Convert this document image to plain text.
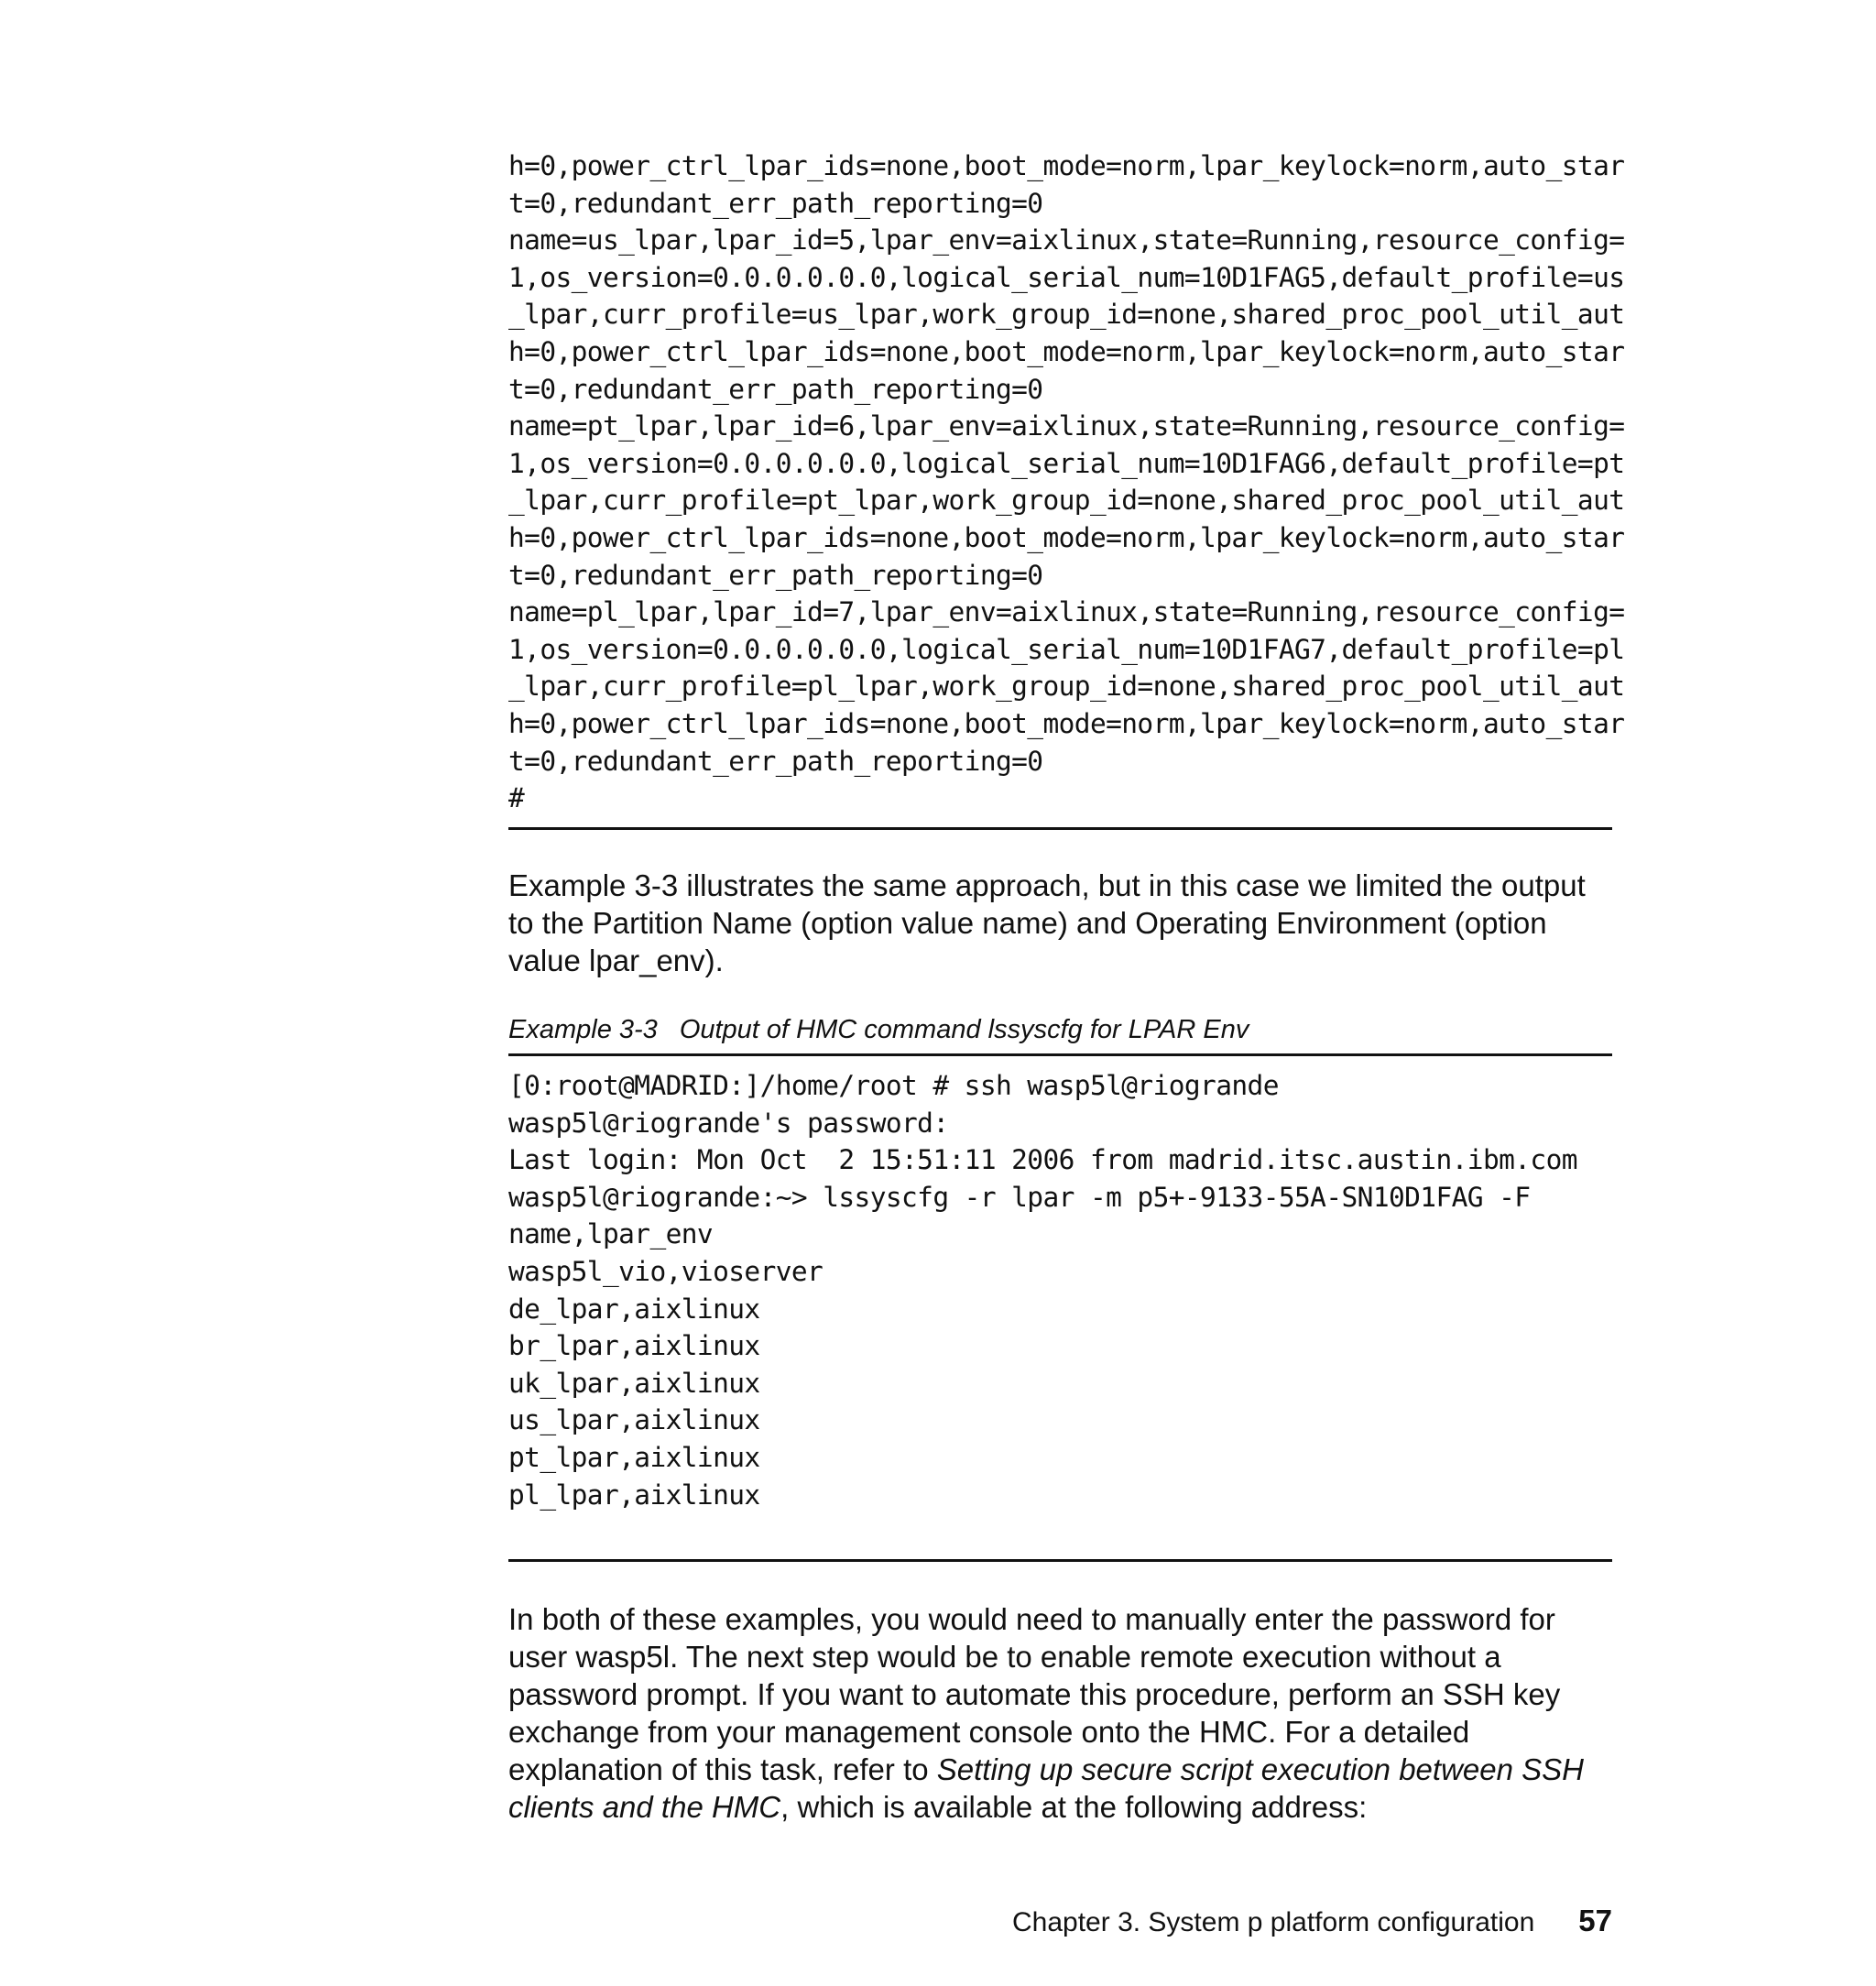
h=0,power_ctrl_lpar_ids=none,boot_mode=norm,lpar_keylock=norm,auto_star
t=0,redundant_err_path_reporting=0
name=us_lpar,lpar_id=5,lpar_env=aixlinux,state=Running,resource_config=
1,os_version=0.0.0.0.0.0,logical_serial_num=10D1FAG5,default_profile=us
_lpar,curr_profile=us_lpar,work_group_id=none,shared_proc_pool_util_aut
h=0,power_ctrl_lpar_ids=none,boot_mode=norm,lpar_keylock=norm,auto_star
t=0,redundant_err_path_reporting=0
name=pt_lpar,lpar_id=6,lpar_env=aixlinux,state=Running,resource_config=
1,os_version=0.0.0.0.0.0,logical_serial_num=10D1FAG6,default_profile=pt
_lpar,curr_profile=pt_lpar,work_group_id=none,shared_proc_pool_util_aut
h=0,power_ctrl_lpar_ids=none,boot_mode=norm,lpar_keylock=norm,auto_star
t=0,redundant_err_path_reporting=0
name=pl_lpar,lpar_id=7,lpar_env=aixlinux,state=Running,resource_config=
1,os_version=0.0.0.0.0.0,logical_serial_num=10D1FAG7,default_profile=pl
_lpar,curr_profile=pl_lpar,work_group_id=none,shared_proc_pool_util_aut
h=0,power_ctrl_lpar_ids=none,boot_mode=norm,lpar_keylock=norm,auto_star
t=0,redundant_err_path_reporting=0
#

Example 3-3 illustrates the same approach, but in this case we limited the output to the Partition Name (option value name) and Operating Environment (option value lpar_env).

Example 3-3 Output of HMC command lssyscfg for LPAR Env

[0:root@MADRID:]/home/root # ssh wasp5l@riogrande
wasp5l@riogrande's password:
Last login: Mon Oct  2 15:51:11 2006 from madrid.itsc.austin.ibm.com
wasp5l@riogrande:~> lssyscfg -r lpar -m p5+-9133-55A-SN10D1FAG -F
name,lpar_env
wasp5l_vio,vioserver
de_lpar,aixlinux
br_lpar,aixlinux
uk_lpar,aixlinux
us_lpar,aixlinux
pt_lpar,aixlinux
pl_lpar,aixlinux

In both of these examples, you would need to manually enter the password for user wasp5l. The next step would be to enable remote execution without a password prompt. If you want to automate this procedure, perform an SSH key exchange from your management console onto the HMC. For a detailed explanation of this task, refer to Setting up secure script execution between SSH clients and the HMC, which is available at the following address:

Chapter 3. System p platform configuration 57
